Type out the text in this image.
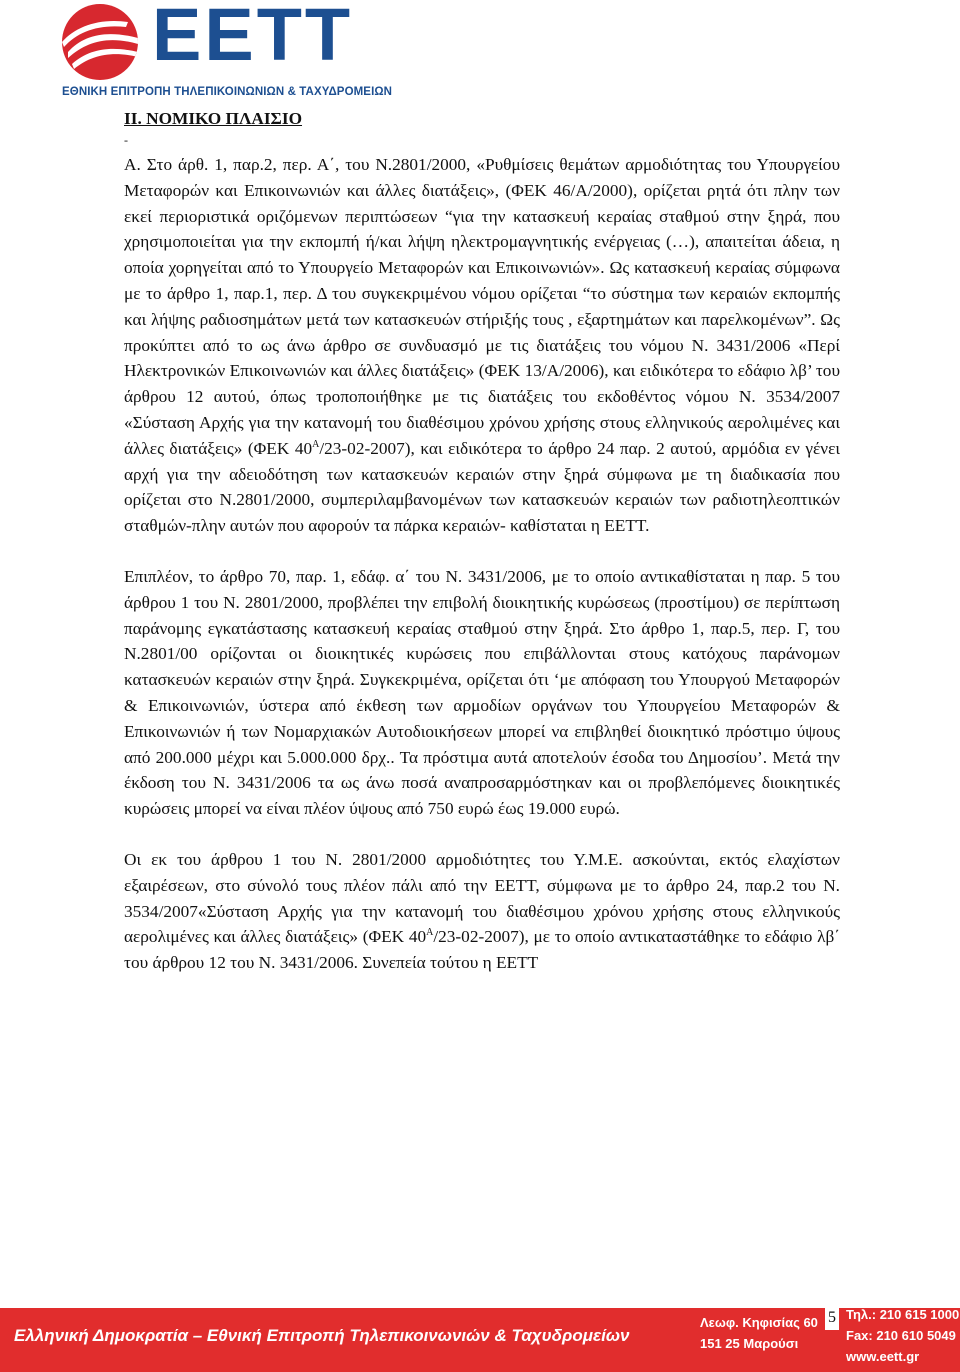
ΕΕΤΤ
ΕΘΝΙΚΗ ΕΠΙΤΡΟΠΗ ΤΗΛΕΠΙΚΟΙΝΩΝΙΩΝ & ΤΑΧΥΔΡΟΜΕΙΩΝ

ΙΙ. ΝΟΜΙΚΟ ΠΛΑΙΣΙΟ

-

Α. Στο άρθ. 1, παρ.2, περ. Α΄, του Ν.2801/2000, «Ρυθμίσεις θεμάτων αρμοδιότητας του Υπουργείου Μεταφορών και Επικοινωνιών και άλλες διατάξεις», (ΦΕΚ 46/Α/2000), ορίζεται ρητά ότι πλην των εκεί περιοριστικά οριζόμενων περιπτώσεων “για την κατασκευή κεραίας σταθμού στην ξηρά, που χρησιμοποιείται για την εκπομπή ή/και λήψη ηλεκτρομαγνητικής ενέργειας (…), απαιτείται άδεια, η οποία χορηγείται από το Υπουργείο Μεταφορών και Επικοινωνιών». Ως κατασκευή κεραίας σύμφωνα με το άρθρο 1, παρ.1, περ. Δ του συγκεκριμένου νόμου ορίζεται “το σύστημα των κεραιών εκπομπής και λήψης ραδιοσημάτων μετά των κατασκευών στήριξής τους , εξαρτημάτων και παρελκομένων”. Ως προκύπτει από το ως άνω άρθρο σε συνδυασμό με τις διατάξεις του νόμου Ν. 3431/2006 «Περί Ηλεκτρονικών Επικοινωνιών και άλλες διατάξεις» (ΦΕΚ 13/Α/2006), και ειδικότερα το εδάφιο λβ’ του άρθρου 12 αυτού, όπως τροποποιήθηκε με τις διατάξεις του εκδοθέντος νόμου Ν. 3534/2007 «Σύσταση Αρχής για την κατανομή του διαθέσιμου χρόνου χρήσης στους ελληνικούς αερολιμένες και άλλες διατάξεις» (ΦΕΚ $40^A/23-02-2007$), και ειδικότερα το άρθρο 24 παρ. 2 αυτού, αρμόδια εν γένει αρχή για την αδειοδότηση των κατασκευών κεραιών στην ξηρά σύμφωνα με τη διαδικασία που ορίζεται στο Ν.2801/2000, συμπεριλαμβανομένων των κατασκευών κεραιών των ραδιοτηλεοπτικών σταθμών-πλην αυτών που αφορούν τα πάρκα κεραιών- καθίσταται η ΕΕΤΤ.

Επιπλέον, το άρθρο 70, παρ. 1, εδάφ. α΄ του Ν. 3431/2006, με το οποίο αντικαθίσταται η παρ. 5 του άρθρου 1 του Ν. 2801/2000, προβλέπει την επιβολή διοικητικής κυρώσεως (προστίμου) σε περίπτωση παράνομης εγκατάστασης κατασκευή κεραίας σταθμού στην ξηρά. Στο άρθρο 1, παρ.5, περ. Γ, του Ν.2801/00 ορίζονται οι διοικητικές κυρώσεις που επιβάλλονται στους κατόχους παράνομων κατασκευών κεραιών στην ξηρά. Συγκεκριμένα, ορίζεται ότι ‘με απόφαση του Υπουργού Μεταφορών & Επικοινωνιών, ύστερα από έκθεση των αρμοδίων οργάνων του Υπουργείου Μεταφορών & Επικοινωνιών ή των Νομαρχιακών Αυτοδιοικήσεων μπορεί να επιβληθεί διοικητικό πρόστιμο ύψους από 200.000 μέχρι και 5.000.000 δρχ.. Τα πρόστιμα αυτά αποτελούν έσοδα του Δημοσίου’. Μετά την έκδοση του Ν. 3431/2006 τα ως άνω ποσά αναπροσαρμόστηκαν και οι προβλεπόμενες διοικητικές κυρώσεις μπορεί να είναι πλέον ύψους από 750 ευρώ έως 19.000 ευρώ.

Οι εκ του άρθρου 1 του Ν. 2801/2000 αρμοδιότητες του Υ.Μ.Ε. ασκούνται, εκτός ελαχίστων εξαιρέσεων, στο σύνολό τους πλέον πάλι από την ΕΕΤΤ, σύμφωνα με το άρθρο 24, παρ.2 του Ν. 3534/2007«Σύσταση Αρχής για την κατανομή του διαθέσιμου χρόνου χρήσης στους ελληνικούς αερολιμένες και άλλες διατάξεις» (ΦΕΚ $40^A/23-02-2007$), με το οποίο αντικαταστάθηκε το εδάφιο λβ΄ του άρθρου 12 του Ν. 3431/2006. Συνεπεία τούτου η ΕΕΤΤ

Ελληνική Δημοκρατία – Εθνική Επιτροπή Τηλεπικοινωνιών & Ταχυδρομείων
Λεωφ. Κηφισίας 60
151 25 Μαρούσι
5 Τηλ.: 210 615 1000
Fax: 210 610 5049
www.eett.gr
